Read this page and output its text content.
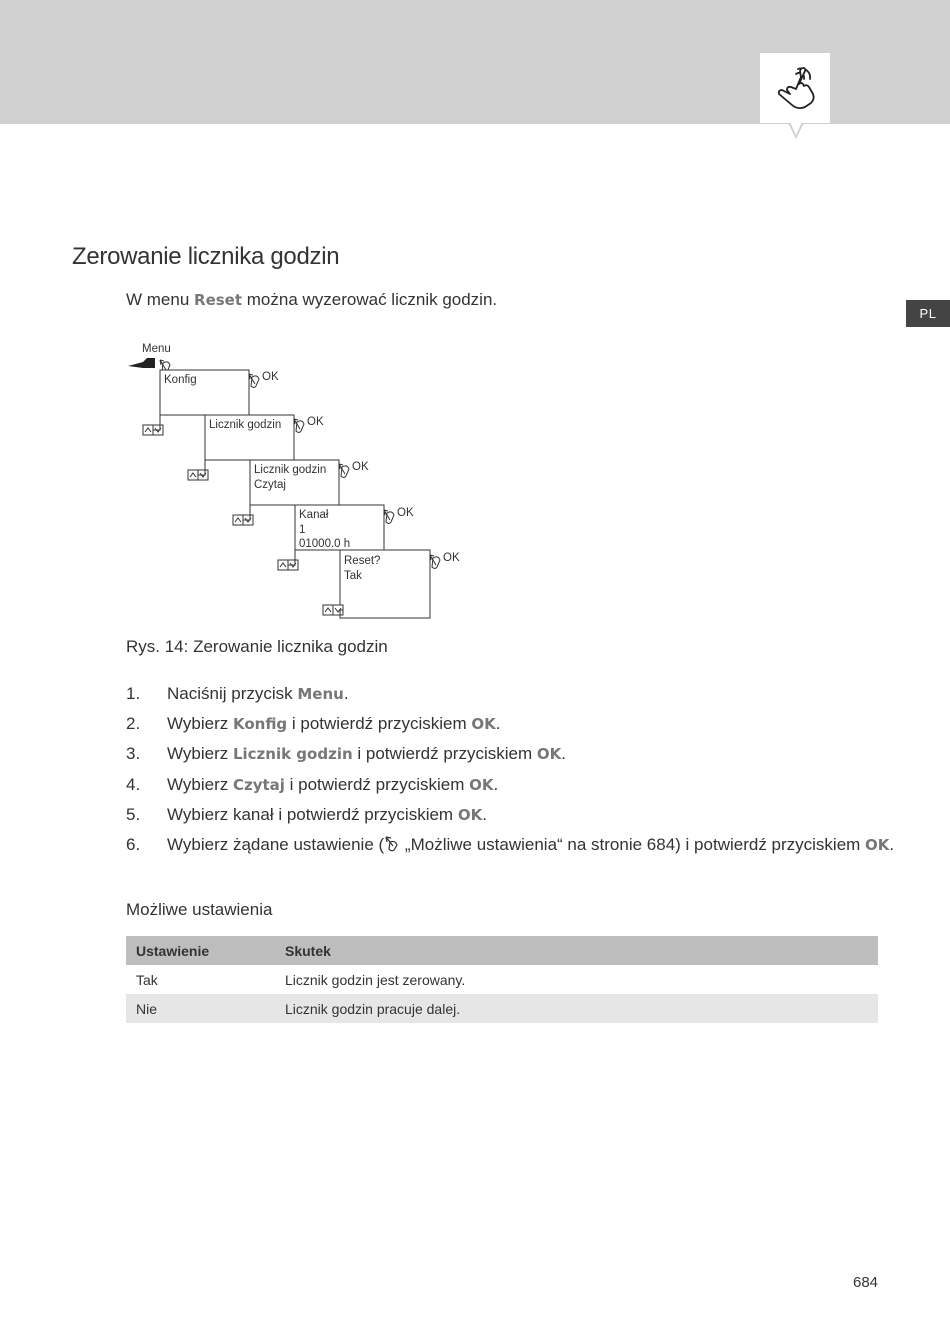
PL
Zerowanie licznika godzin
W menu Reset można wyzerować licznik godzin.
Menu
Konfig	OK
Licznik godzin OK
Licznik godzin
Czytaj
OK
Kanał
1
01000.0 h
OK
Reset?
Tak
OK
Rys. 14: Zerowanie licznika godzin
1.	Naciśnij przycisk Menu.
2.	Wybierz Konfig i potwierdź przyciskiem OK.
3.	Wybierz Licznik godzin i potwierdź przyciskiem OK.
4.	Wybierz Czytaj i potwierdź przyciskiem OK.
5.	Wybierz kanał i potwierdź przyciskiem OK.
6.	Wybierz żądane ustawienie ( „Możliwe ustawienia“ na stronie 684) i potwierdź przyciskiem OK.
Możliwe ustawienia
Ustawienie	Skutek
Tak	Licznik godzin jest zerowany.
Nie	Licznik godzin pracuje dalej.
684
